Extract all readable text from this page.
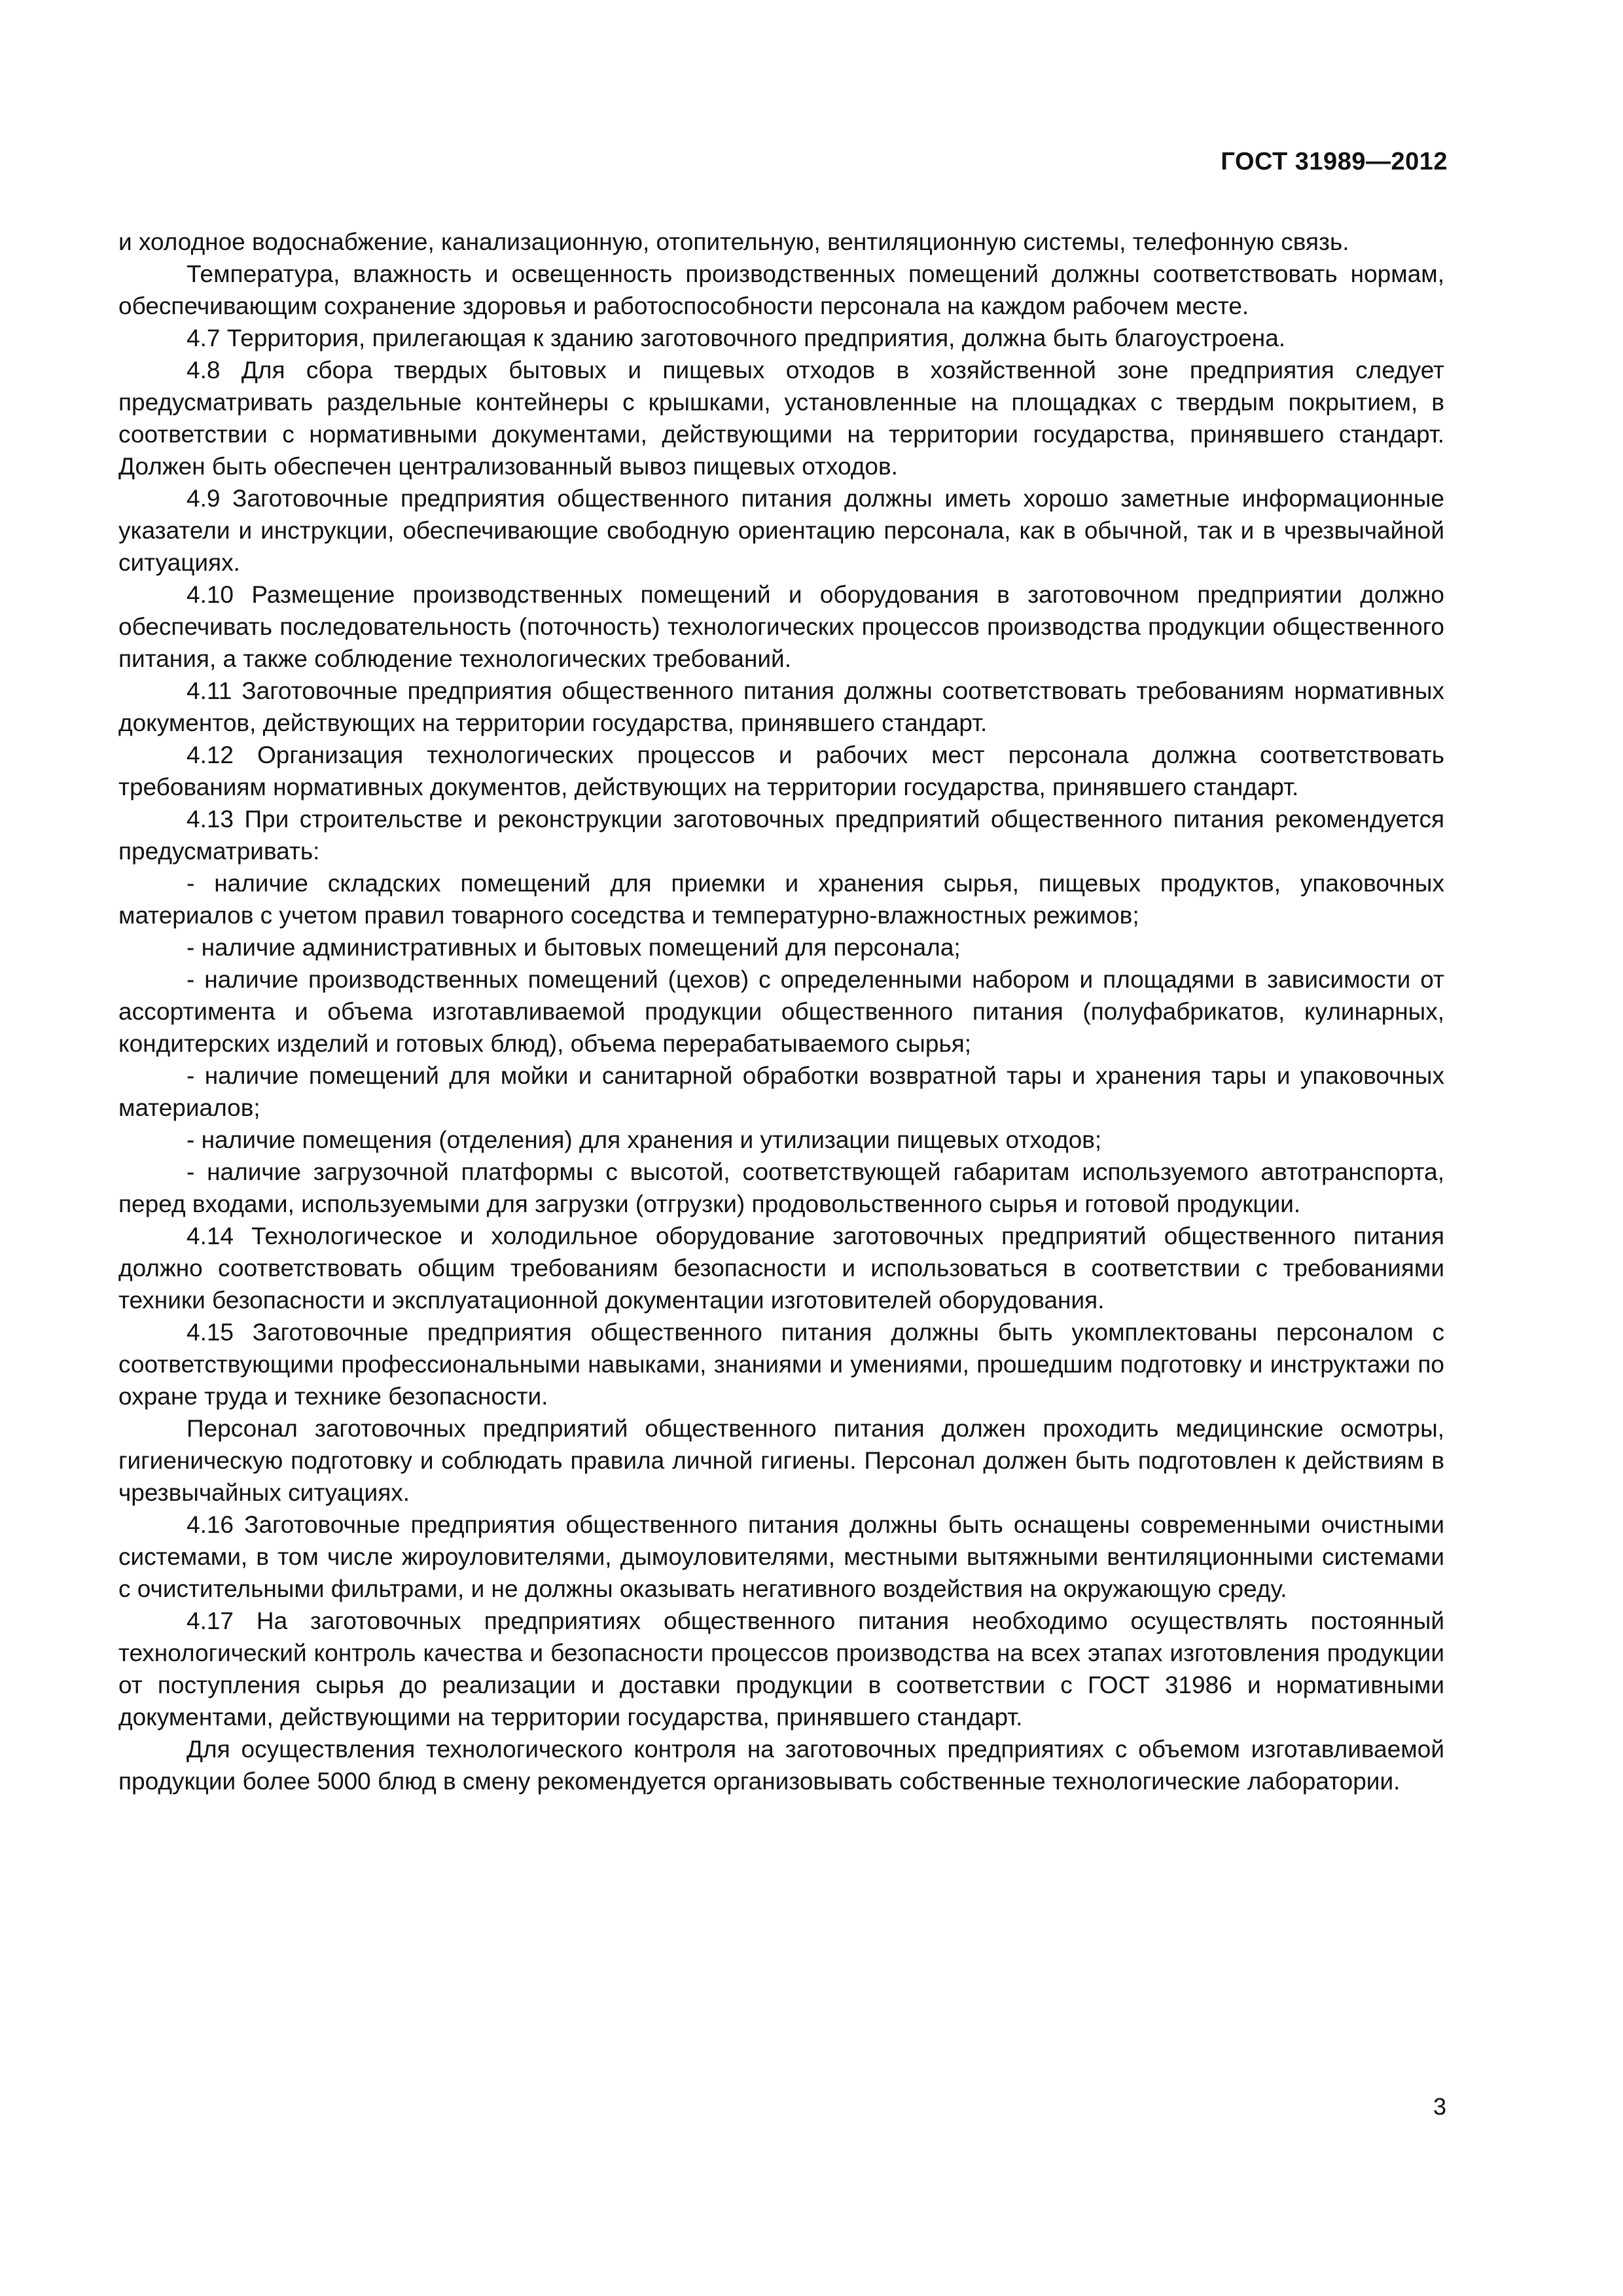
ГОСТ 31989—2012

и холодное водоснабжение, канализационную, отопительную, вентиляционную системы, телефонную связь.

Температура, влажность и освещенность производственных помещений должны соответствовать нормам, обеспечивающим сохранение здоровья и работоспособности персонала на каждом рабочем месте.

4.7 Территория, прилегающая к зданию заготовочного предприятия, должна быть благоустроена.

4.8 Для сбора твердых бытовых и пищевых отходов в хозяйственной зоне предприятия следует предусматривать раздельные контейнеры с крышками, установленные на площадках с твердым покрытием, в соответствии с нормативными документами, действующими на территории государства, принявшего стандарт. Должен быть обеспечен централизованный вывоз пищевых отходов.

4.9 Заготовочные предприятия общественного питания должны иметь хорошо заметные информационные указатели и инструкции, обеспечивающие свободную ориентацию персонала, как в обычной, так и в чрезвычайной ситуациях.

4.10 Размещение производственных помещений и оборудования в заготовочном предприятии должно обеспечивать последовательность (поточность) технологических процессов производства продукции общественного питания, а также соблюдение технологических требований.

4.11 Заготовочные предприятия общественного питания должны соответствовать требованиям нормативных документов, действующих на территории государства, принявшего стандарт.

4.12 Организация технологических процессов и рабочих мест персонала должна соответствовать требованиям нормативных документов, действующих на территории государства, принявшего стандарт.

4.13 При строительстве и реконструкции заготовочных предприятий общественного питания рекомендуется предусматривать:

- наличие складских помещений для приемки и хранения сырья, пищевых продуктов, упаковочных материалов с учетом правил товарного соседства и температурно-влажностных режимов;

- наличие административных и бытовых помещений для персонала;

- наличие производственных помещений (цехов) с определенными набором и площадями в зависимости от ассортимента и объема изготавливаемой продукции общественного питания (полуфабрикатов, кулинарных, кондитерских изделий и готовых блюд), объема перерабатываемого сырья;

- наличие помещений для мойки и санитарной обработки возвратной тары и хранения тары и упаковочных материалов;

- наличие помещения (отделения) для хранения и утилизации пищевых отходов;

- наличие загрузочной платформы с высотой, соответствующей габаритам используемого автотранспорта, перед входами, используемыми для загрузки (отгрузки) продовольственного сырья и готовой продукции.

4.14 Технологическое и холодильное оборудование заготовочных предприятий общественного питания должно соответствовать общим требованиям безопасности и использоваться в соответствии с требованиями техники безопасности и эксплуатационной документации изготовителей оборудования.

4.15 Заготовочные предприятия общественного питания должны быть укомплектованы персоналом с соответствующими профессиональными навыками, знаниями и умениями, прошедшим подготовку и инструктажи по охране труда и технике безопасности.

Персонал заготовочных предприятий общественного питания должен проходить медицинские осмотры, гигиеническую подготовку и соблюдать правила личной гигиены. Персонал должен быть подготовлен к действиям в чрезвычайных ситуациях.

4.16 Заготовочные предприятия общественного питания должны быть оснащены современными очистными системами, в том числе жироуловителями, дымоуловителями, местными вытяжными вентиляционными системами с очистительными фильтрами, и не должны оказывать негативного воздействия на окружающую среду.

4.17 На заготовочных предприятиях общественного питания необходимо осуществлять постоянный технологический контроль качества и безопасности процессов производства на всех этапах изготовления продукции от поступления сырья до реализации и доставки продукции в соответствии с ГОСТ 31986 и нормативными документами, действующими на территории государства, принявшего стандарт.

Для осуществления технологического контроля на заготовочных предприятиях с объемом изготавливаемой продукции более 5000 блюд в смену рекомендуется организовывать собственные технологические лаборатории.

3
